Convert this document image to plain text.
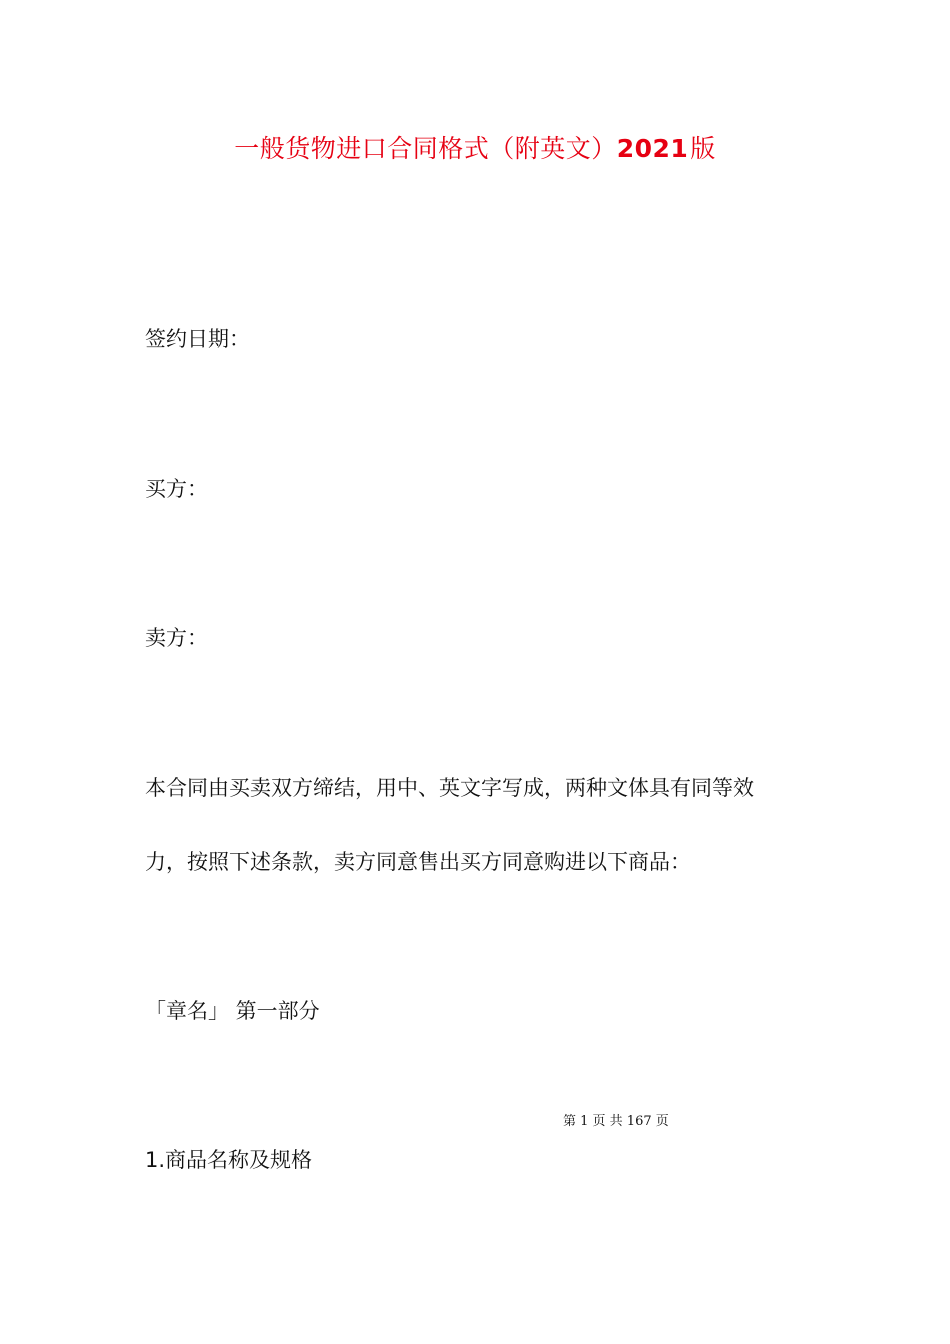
一般货物进口合同格式（附英文）2021版
签约日期：
买方：
卖方：
本合同由买卖双方缔结，用中、英文字写成，两种文体具有同等效
力，按照下述条款，卖方同意售出买方同意购进以下商品：
「章名」 第一部分
第 1 页 共 167 页
1.商品名称及规格
